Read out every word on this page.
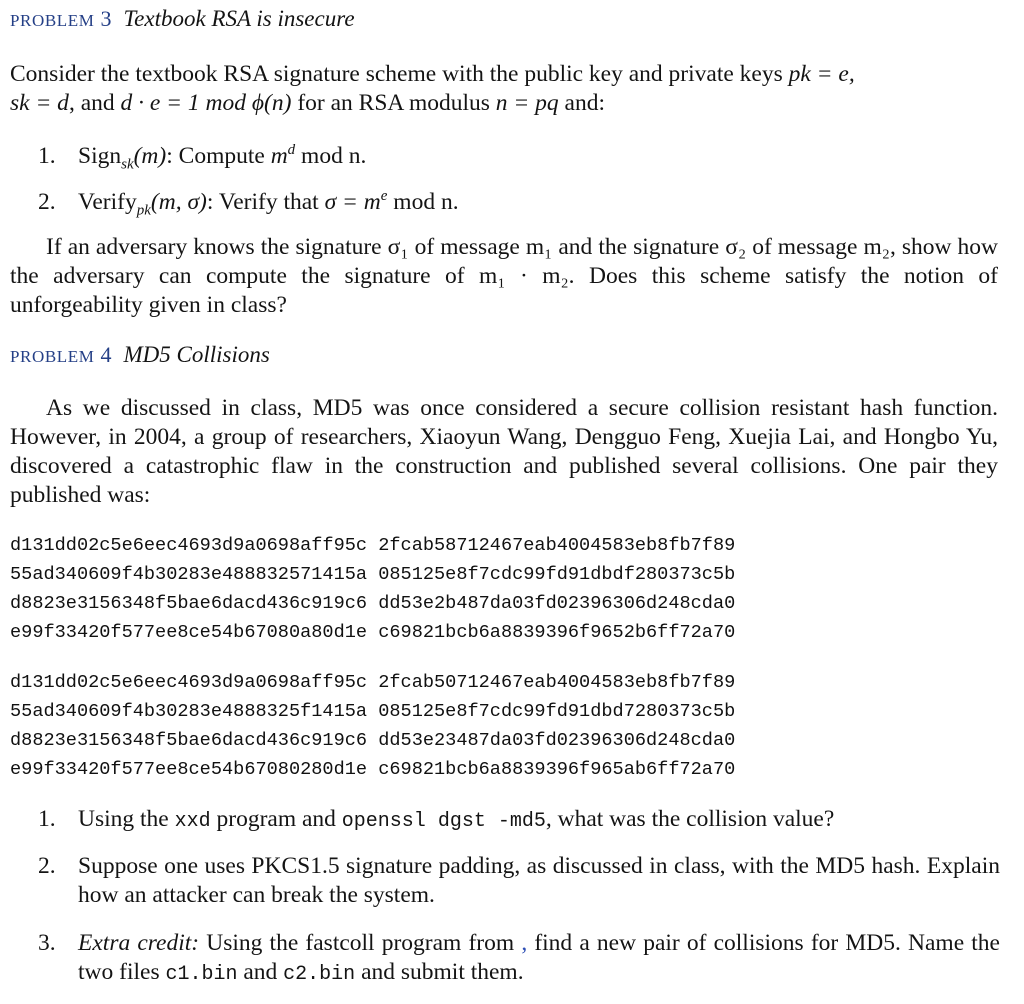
PROBLEM 3 Textbook RSA is insecure
Consider the textbook RSA signature scheme with the public key and private keys pk = e,
sk = d, and d · e = 1 mod ϕ(n) for an RSA modulus n = pq and:
1. Sign$_{sk}$(m): Compute $m^d$ mod n.
2. Verify$_{pk}$(m, σ): Verify that $\sigma = m^e$ mod n.
If an adversary knows the signature σ₁ of message m₁ and the signature σ₂ of message m₂, show how the adversary can compute the signature of m₁ · m₂. Does this scheme satisfy the notion of unforgeability given in class?
PROBLEM 4 MD5 Collisions
As we discussed in class, MD5 was once considered a secure collision resistant hash function. However, in 2004, a group of researchers, Xiaoyun Wang, Dengguo Feng, Xuejia Lai, and Hongbo Yu, discovered a catastrophic flaw in the construction and published several collisions. One pair they published was:
d131dd02c5e6eec4693d9a0698aff95c 2fcab58712467eab4004583eb8fb7f89
55ad340609f4b30283e488832571415a 085125e8f7cdc99fd91dbdf280373c5b
d8823e3156348f5bae6dacd436c919c6 dd53e2b487da03fd02396306d248cda0
e99f33420f577ee8ce54b67080a80d1e c69821bcb6a8839396f9652b6ff72a70
d131dd02c5e6eec4693d9a0698aff95c 2fcab50712467eab4004583eb8fb7f89
55ad340609f4b30283e4888325f1415a 085125e8f7cdc99fd91dbd7280373c5b
d8823e3156348f5bae6dacd436c919c6 dd53e23487da03fd02396306d248cda0
e99f33420f577ee8ce54b67080280d1e c69821bcb6a8839396f965ab6ff72a70
1. Using the xxd program and openssl dgst -md5, what was the collision value?
2. Suppose one uses PKCS1.5 signature padding, as discussed in class, with the MD5 hash. Explain how an attacker can break the system.
3. Extra credit: Using the fastcoll program from , find a new pair of collisions for MD5. Name the two files c1.bin and c2.bin and submit them.
